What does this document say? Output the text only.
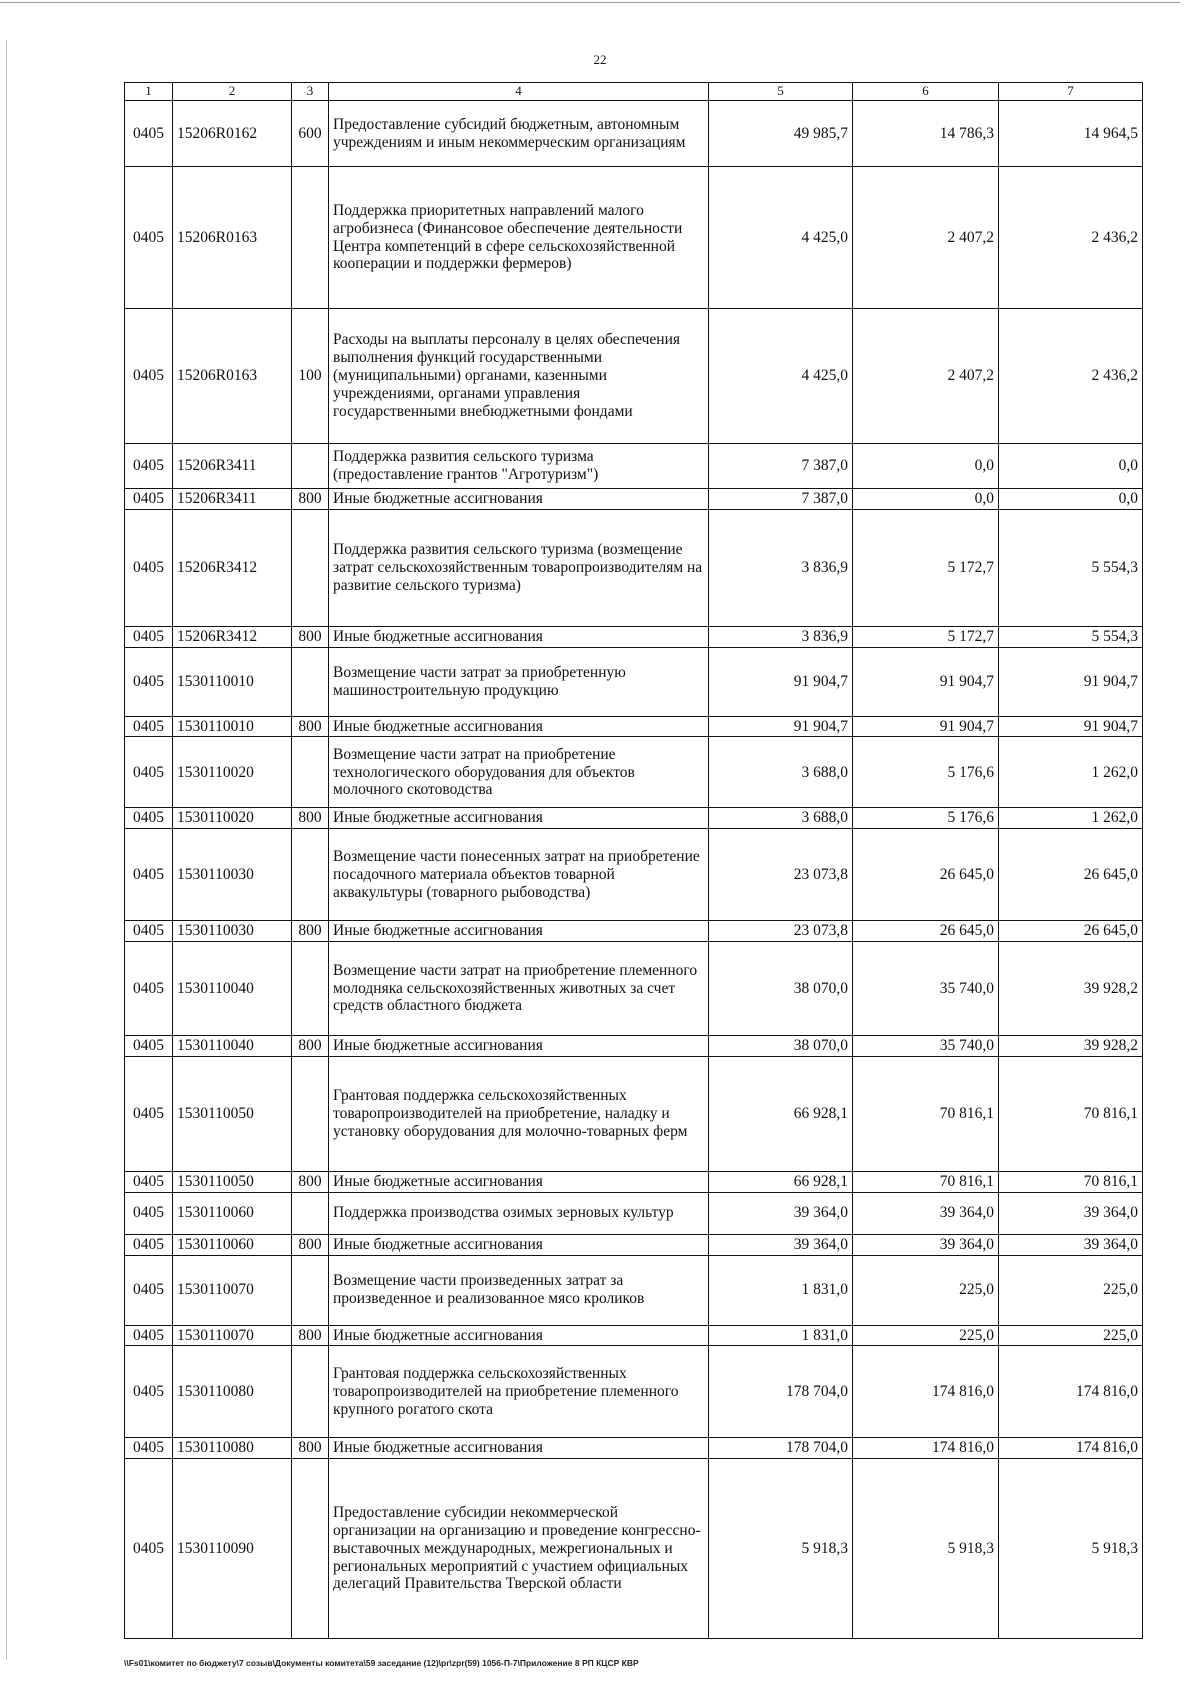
22
1	2	3	4	5	6	7
0405	15206R0162	600	Предоставление субсидий бюджетным, автономным учреждениям и иным некоммерческим организациям	49 985,7	14 786,3	14 964,5
0405	15206R0163		Поддержка приоритетных направлений малого агробизнеса (Финансовое обеспечение деятельности Центра компетенций в сфере сельскохозяйственной кооперации и поддержки фермеров)	4 425,0	2 407,2	2 436,2
0405	15206R0163	100	Расходы на выплаты персоналу в целях обеспечения выполнения функций государственными (муниципальными) органами, казенными учреждениями, органами управления государственными внебюджетными фондами	4 425,0	2 407,2	2 436,2
0405	15206R3411		Поддержка развития сельского туризма (предоставление грантов "Агротуризм")	7 387,0	0,0	0,0
0405	15206R3411	800	Иные бюджетные ассигнования	7 387,0	0,0	0,0
0405	15206R3412		Поддержка развития сельского туризма (возмещение затрат сельскохозяйственным товаропроизводителям на развитие сельского туризма)	3 836,9	5 172,7	5 554,3
0405	15206R3412	800	Иные бюджетные ассигнования	3 836,9	5 172,7	5 554,3
0405	1530110010		Возмещение части затрат за приобретенную машиностроительную продукцию	91 904,7	91 904,7	91 904,7
0405	1530110010	800	Иные бюджетные ассигнования	91 904,7	91 904,7	91 904,7
0405	1530110020		Возмещение части затрат на приобретение технологического оборудования для объектов молочного скотоводства	3 688,0	5 176,6	1 262,0
0405	1530110020	800	Иные бюджетные ассигнования	3 688,0	5 176,6	1 262,0
0405	1530110030		Возмещение части понесенных затрат на приобретение посадочного материала объектов товарной аквакультуры (товарного рыбоводства)	23 073,8	26 645,0	26 645,0
0405	1530110030	800	Иные бюджетные ассигнования	23 073,8	26 645,0	26 645,0
0405	1530110040		Возмещение части затрат на приобретение племенного молодняка сельскохозяйственных животных за счет средств областного бюджета	38 070,0	35 740,0	39 928,2
0405	1530110040	800	Иные бюджетные ассигнования	38 070,0	35 740,0	39 928,2
0405	1530110050		Грантовая поддержка сельскохозяйственных товаропроизводителей на приобретение, наладку и установку оборудования для молочно-товарных ферм	66 928,1	70 816,1	70 816,1
0405	1530110050	800	Иные бюджетные ассигнования	66 928,1	70 816,1	70 816,1
0405	1530110060		Поддержка производства озимых зерновых культур	39 364,0	39 364,0	39 364,0
0405	1530110060	800	Иные бюджетные ассигнования	39 364,0	39 364,0	39 364,0
0405	1530110070		Возмещение части произведенных затрат за произведенное и реализованное мясо кроликов	1 831,0	225,0	225,0
0405	1530110070	800	Иные бюджетные ассигнования	1 831,0	225,0	225,0
0405	1530110080		Грантовая поддержка сельскохозяйственных товаропроизводителей на приобретение племенного крупного рогатого скота	178 704,0	174 816,0	174 816,0
0405	1530110080	800	Иные бюджетные ассигнования	178 704,0	174 816,0	174 816,0
0405	1530110090		Предоставление субсидии некоммерческой организации на организацию и проведение конгрессно-выставочных международных, межрегиональных и региональных мероприятий с участием официальных делегаций Правительства Тверской области	5 918,3	5 918,3	5 918,3
\\Fs01\комитет по бюджету\7 созыв\Документы комитета\59 заседание (12)\pr\zpr(59) 1056-П-7\Приложение 8 РП КЦСР КВР
